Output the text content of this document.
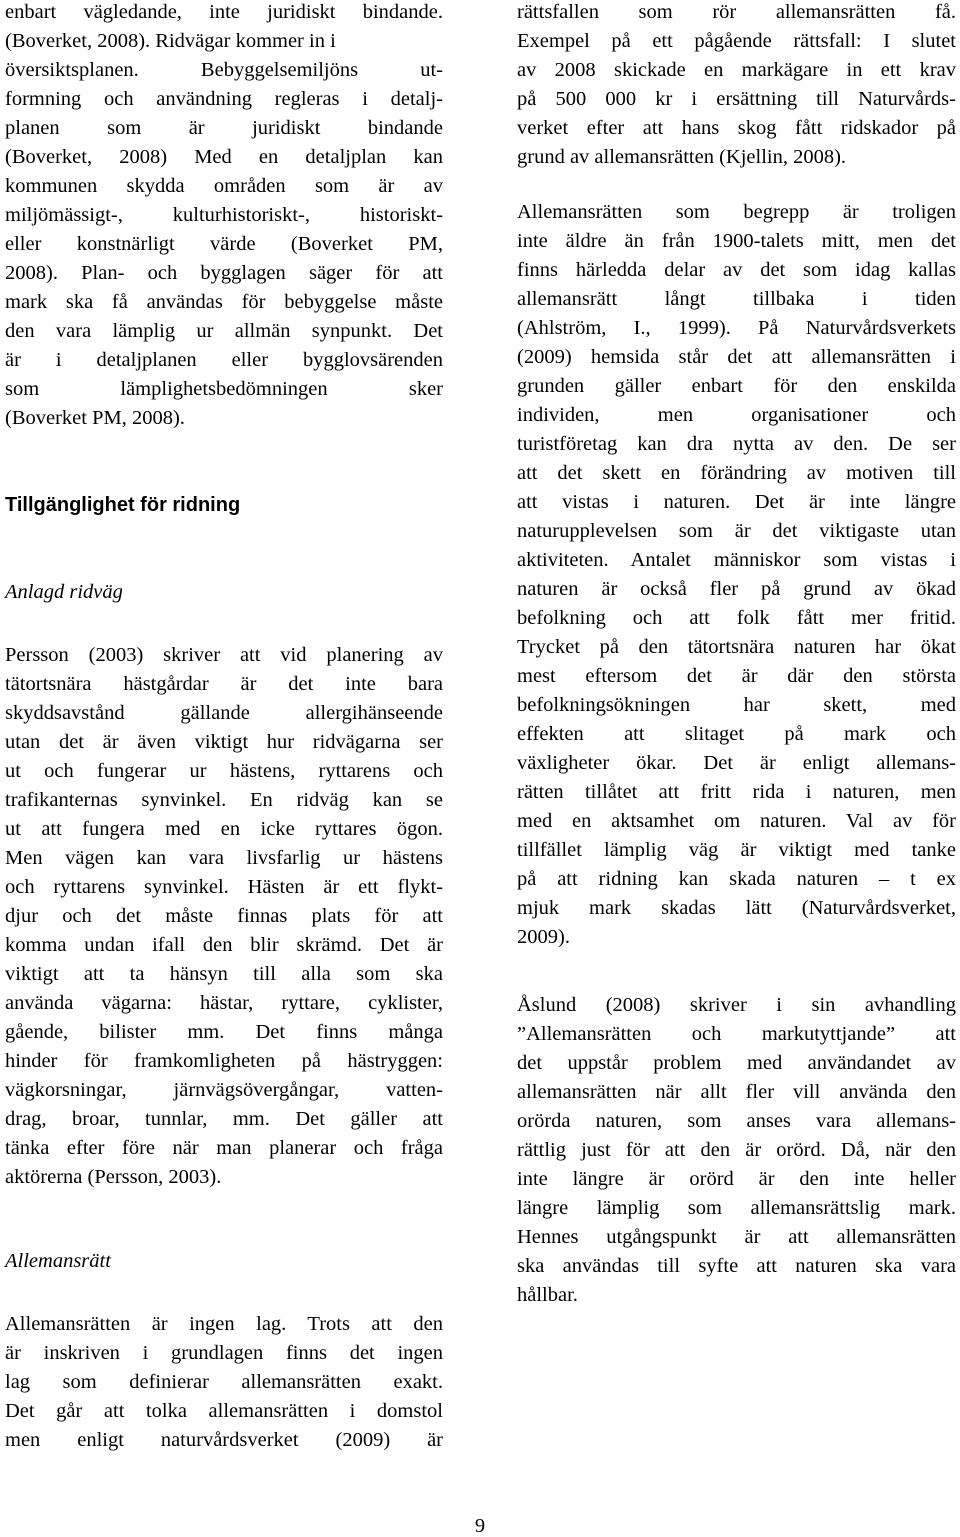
enbart vägledande, inte juridiskt bindande.
(Boverket, 2008). Ridvägar kommer in i
översiktsplanen. Bebyggelsemiljöns ut-
formning och användning regleras i detalj-
planen som är juridiskt bindande
(Boverket, 2008) Med en detaljplan kan
kommunen skydda områden som är av
miljömässigt-, kulturhistoriskt-, historiskt-
eller konstnärligt värde (Boverket PM,
2008). Plan- och bygglagen säger för att
mark ska få användas för bebyggelse måste
den vara lämplig ur allmän synpunkt. Det
är i detaljplanen eller bygglovsärenden
som lämplighetsbedömningen sker
(Boverket PM, 2008).
Tillgänglighet för ridning
Anlagd ridväg
Persson (2003) skriver att vid planering av
tätortsnära hästgårdar är det inte bara
skyddsavstånd gällande allergihänseende
utan det är även viktigt hur ridvägarna ser
ut och fungerar ur hästens, ryttarens och
trafikanternas synvinkel. En ridväg kan se
ut att fungera med en icke ryttares ögon.
Men vägen kan vara livsfarlig ur hästens
och ryttarens synvinkel. Hästen är ett flykt-
djur och det måste finnas plats för att
komma undan ifall den blir skrämd. Det är
viktigt att ta hänsyn till alla som ska
använda vägarna: hästar, ryttare, cyklister,
gående, bilister mm. Det finns många
hinder för framkomligheten på hästryggen:
vägkorsningar, järnvägsövergångar, vatten-
drag, broar, tunnlar, mm. Det gäller att
tänka efter före när man planerar och fråga
aktörerna (Persson, 2003).
Allemansrätt
Allemansrätten är ingen lag. Trots att den
är inskriven i grundlagen finns det ingen
lag som definierar allemansrätten exakt.
Det går att tolka allemansrätten i domstol
men enligt naturvårdsverket (2009) är
rättsfallen som rör allemansrätten få.
Exempel på ett pågående rättsfall: I slutet
av 2008 skickade en markägare in ett krav
på 500 000 kr i ersättning till Naturvårds-
verket efter att hans skog fått ridskador på
grund av allemansrätten (Kjellin, 2008).
Allemansrätten som begrepp är troligen
inte äldre än från 1900-talets mitt, men det
finns härledda delar av det som idag kallas
allemansrätt långt tillbaka i tiden
(Ahlström, I., 1999). På Naturvårdsverkets
(2009) hemsida står det att allemansrätten i
grunden gäller enbart för den enskilda
individen, men organisationer och
turistföretag kan dra nytta av den. De ser
att det skett en förändring av motiven till
att vistas i naturen. Det är inte längre
naturupplevelsen som är det viktigaste utan
aktiviteten. Antalet människor som vistas i
naturen är också fler på grund av ökad
befolkning och att folk fått mer fritid.
Trycket på den tätortsnära naturen har ökat
mest eftersom det är där den största
befolkningsökningen har skett, med
effekten att slitaget på mark och
växligheter ökar. Det är enligt allemans-
rätten tillåtet att fritt rida i naturen, men
med en aktsamhet om naturen. Val av för
tillfället lämplig väg är viktigt med tanke
på att ridning kan skada naturen – t ex
mjuk mark skadas lätt (Naturvårdsverket,
2009).
Åslund (2008) skriver i sin avhandling
”Allemansrätten och markutyttjande” att
det uppstår problem med användandet av
allemansrätten när allt fler vill använda den
orörda naturen, som anses vara allemans-
rättlig just för att den är orörd. Då, när den
inte längre är orörd är den inte heller
längre lämplig som allemansrättslig mark.
Hennes utgångspunkt är att allemansrätten
ska användas till syfte att naturen ska vara
hållbar.
9
